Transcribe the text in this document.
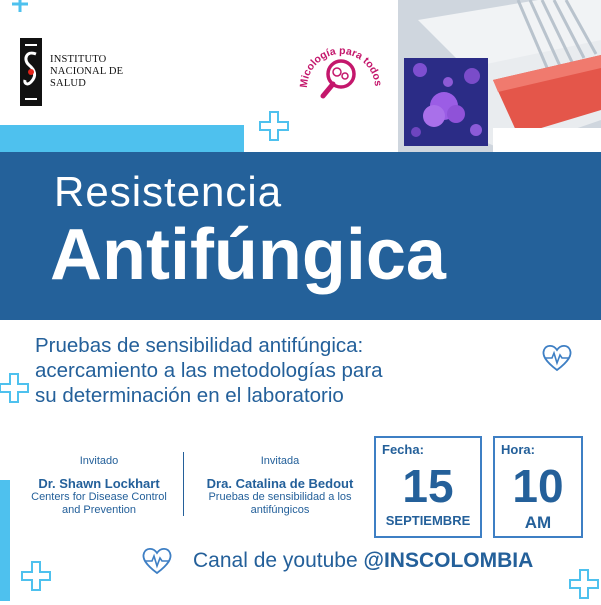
INSTITUTO
NACIONAL DE
SALUD	Micología para todos
Resistencia
Antifúngica
Pruebas de sensibilidad antifúngica:
acercamiento a las metodologías para
su determinación en el laboratorio
Invitado
Dr. Shawn Lockhart
Centers for Disease Control
and Prevention
Invitada
Dra. Catalina de Bedout
Pruebas de sensibilidad a los
antifúngicos
Fecha:
15
SEPTIEMBRE
Hora:
10
AM
Canal de youtube @INSCOLOMBIA
